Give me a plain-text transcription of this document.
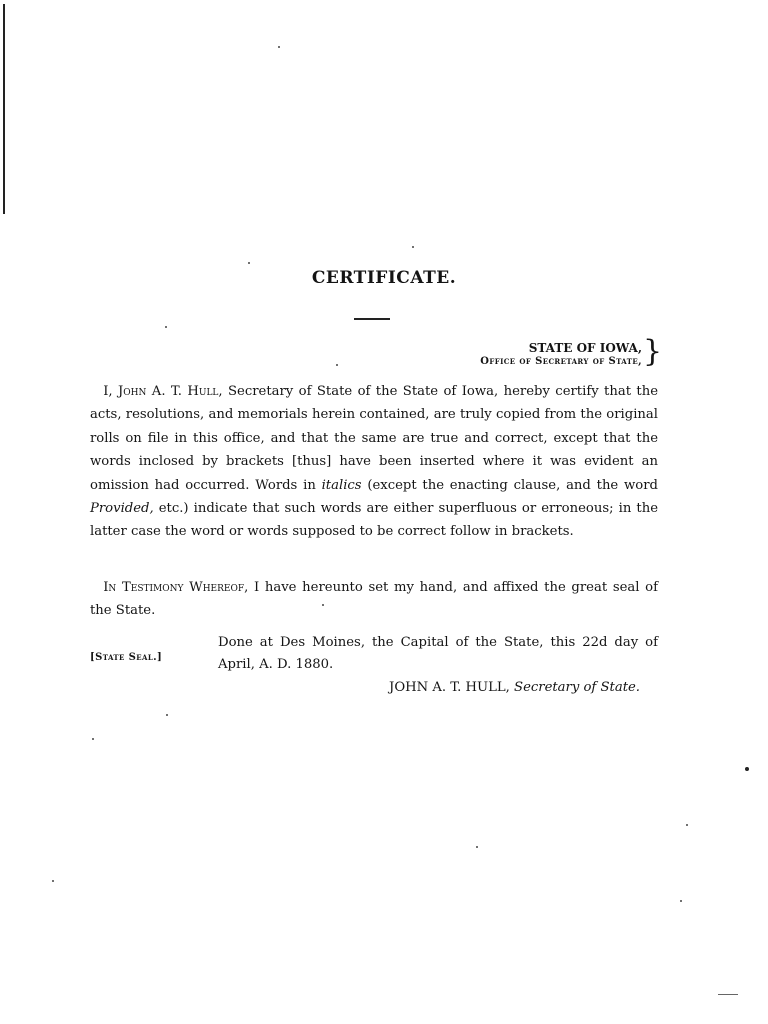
CERTIFICATE.
STATE OF IOWA,
Office of Secretary of State, }

 I, John A. T. Hull, Secretary of State of the State of Iowa, hereby certify that the acts, resolutions, and memorials herein contained, are truly copied from the original rolls on file in this office, and that the same are true and correct, except that the words inclosed by brackets [thus] have been inserted where it was evident an omission had occurred. Words in italics (except the enacting clause, and the word Provided, etc.) indicate that such words are either superfluous or erroneous; in the latter case the word or words supposed to be correct follow in brackets.

 In Testimony Whereof, I have hereunto set my hand, and affixed the great seal of the State.

Done at Des Moines, the Capital of the State, this 22d day of April, A. D. 1880.
[State Seal.]
JOHN A. T. HULL, Secretary of State.
